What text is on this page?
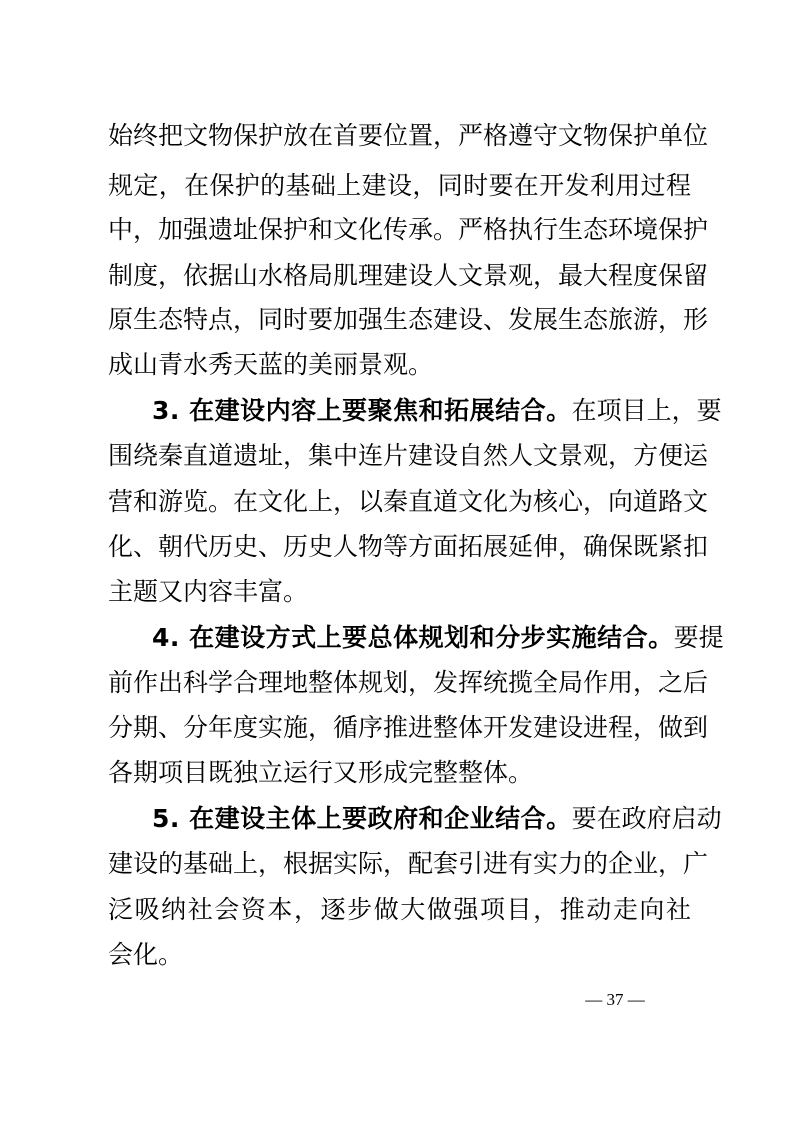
始终把文物保护放在首要位置，严格遵守文物保护单位
规定，在保护的基础上建设，同时要在开发利用过程
中，加强遗址保护和文化传承。严格执行生态环境保护
制度，依据山水格局肌理建设人文景观，最大程度保留
原生态特点，同时要加强生态建设、发展生态旅游，形
成山青水秀天蓝的美丽景观。
3. 在建设内容上要聚焦和拓展结合。在项目上，要
围绕秦直道遗址，集中连片建设自然人文景观，方便运
营和游览。在文化上，以秦直道文化为核心，向道路文
化、朝代历史、历史人物等方面拓展延伸，确保既紧扣
主题又内容丰富。
4. 在建设方式上要总体规划和分步实施结合。要提
前作出科学合理地整体规划，发挥统揽全局作用，之后
分期、分年度实施，循序推进整体开发建设进程，做到
各期项目既独立运行又形成完整整体。
5. 在建设主体上要政府和企业结合。要在政府启动
建设的基础上，根据实际，配套引进有实力的企业，广
泛吸纳社会资本，逐步做大做强项目，推动走向社
会化。
— 37 —
